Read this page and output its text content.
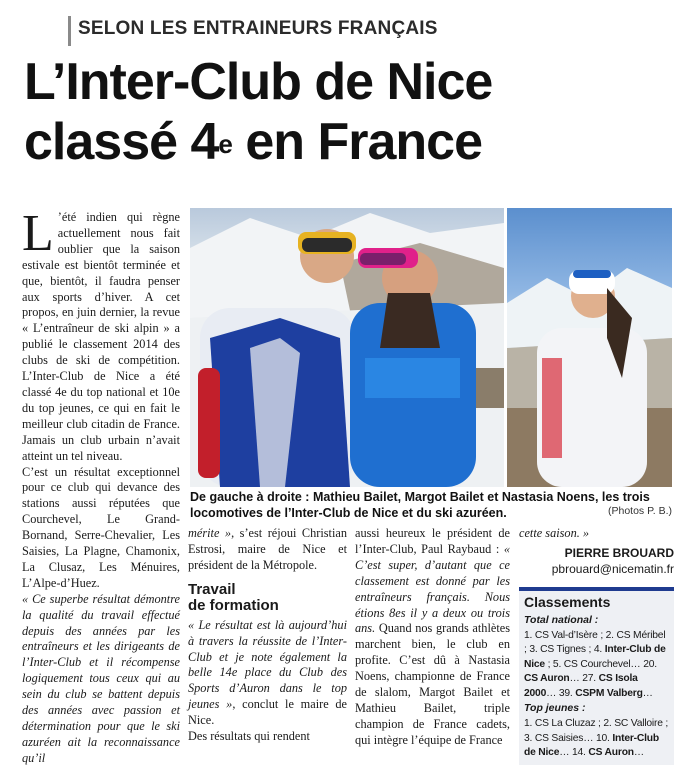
SELON LES ENTRAINEURS FRANÇAIS
L’Inter-Club de Nice
classé 4e en France

L ’été indien qui règne actuellement nous fait oublier que la saison estivale est bientôt terminée et que, bientôt, il faudra penser aux sports d’hiver. A cet propos, en juin dernier, la revue « L’entraîneur de ski alpin » a publié le classement 2014 des clubs de ski de compétition. L’Inter-Club de Nice a été classé 4e du top national et 10e du top jeunes, ce qui en fait le meilleur club citadin de France. Jamais un club urbain n’avait atteint un tel niveau.

C’est un résultat exceptionnel pour ce club qui devance des stations aussi réputées que Courchevel, Le Grand-Bornand, Serre-Chevalier, Les Saisies, La Plagne, Chamonix, La Clusaz, Les Ménuires, L’Alpe-d’Huez.

« Ce superbe résultat démontre la qualité du travail effectué depuis des années par les entraîneurs et les dirigeants de l’Inter-Club et il récompense logiquement tous ceux qui au sein du club se battent depuis des années avec passion et détermination pour que le ski azuréen ait la reconnaissance qu’il

De gauche à droite : Mathieu Bailet, Margot Bailet et Nastasia Noens, les trois locomotives de l’Inter-Club de Nice et du ski azuréen.	(Photos P. B.)

mérite », s’est réjoui Christian Estrosi, maire de Nice et président de la Métropole.

Travail
de formation

« Le résultat est là aujourd’hui à travers la réussite de l’Inter-Club et je note également la belle 14e place du Club des Sports d’Auron dans le top jeunes », conclut le maire de Nice.

Des résultats qui rendent

aussi heureux le président de l’Inter-Club, Paul Raybaud : « C’est super, d’autant que ce classement est donné par les entraîneurs français. Nous étions 8es il y a deux ou trois ans. Quand nos grands athlètes marchent bien, le club en profite. C’est dû à Nastasia Noens, championne de France de slalom, Margot Bailet et Mathieu Bailet, triple champion de France cadets, qui intègre l’équipe de France

cette saison. »

PIERRE BROUARD
pbrouard@nicematin.fr
Classements
Total national :
1. CS Val-d’Isère ; 2. CS Méribel ; 3. CS Tignes ; 4. Inter-Club de Nice ; 5. CS Courchevel… 20. CS Auron… 27. CS Isola 2000… 39. CSPM Valberg…
Top jeunes :
1. CS La Cluzaz ; 2. SC Valloire ; 3. CS Saisies… 10. Inter-Club de Nice… 14. CS Auron…
